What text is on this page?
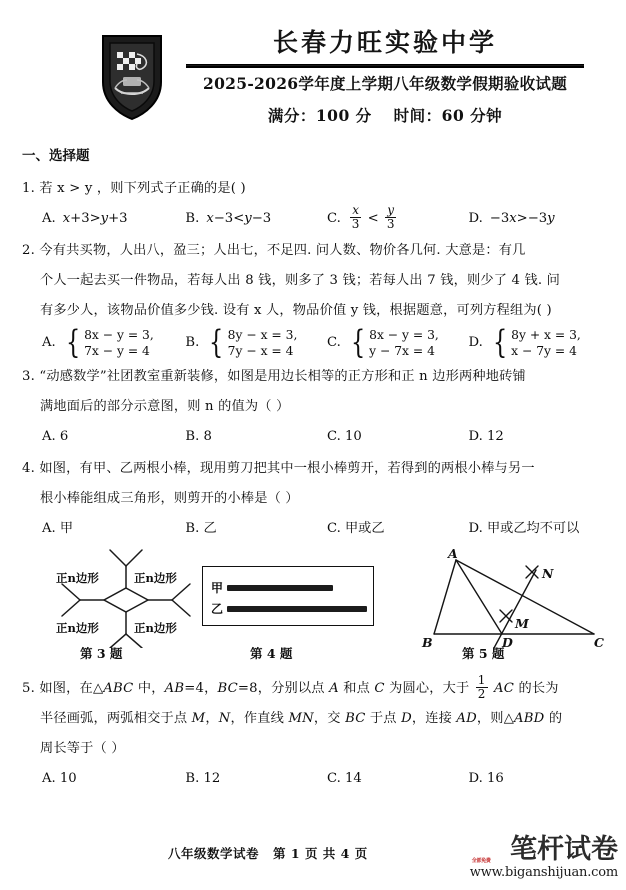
长春力旺实验中学
2025-2026学年度上学期八年级数学假期验收试题
满分：100 分 时间：60 分钟
一、选择题
1. 若 x > y ，则下列式子正确的是( )
A. x+3>y+3	B. x−3<y−3	C. $\frac{x}{3} < \frac{y}{3}$	D. −3x>−3y
2. 今有共买物，人出八，盈三；人出七，不足四. 问人数、物价各几何. 大意是：有几
个人一起去买一件物品，若每人出 8 钱，则多了 3 钱；若每人出 7 钱，则少了 4 钱. 问
有多少人，该物品价值多少钱. 设有 x 人，物品价值 y 钱，根据题意，可列方程组为( )
A. { 8x − y = 3,
7x − y = 4
B. { 8y − x = 3,
7y − x = 4
C. { 8x − y = 3,
y − 7x = 4
D. { 8y + x = 3,
x − 7y = 4
3. “动感数学”社团教室重新装修，如图是用边长相等的正方形和正 n 边形两种地砖铺
满地面后的部分示意图，则 n 的值为（ ）
A. 6	B. 8	C. 10	D. 12
4. 如图，有甲、乙两根小棒，现用剪刀把其中一根小棒剪开，若得到的两根小棒与另一
根小棒能组成三角形，则剪开的小棒是（ ）
A. 甲	B. 乙	C. 甲或乙	D. 甲或乙均不可以
正n边形	正n边形
正n边形	正n边形
甲
乙
A
B	C
D
M
N
第 3 题	第 4 题	第 5 题
5. 如图，在△ABC 中，AB=4，BC=8，分别以点 A 和点 C 为圆心，大于 $\frac{1}{2}$ AC 的长为
半径画弧，两弧相交于点 M，N，作直线 MN，交 BC 于点 D，连接 AD，则△ABD 的
周长等于（ ）
A. 10	B. 12	C. 14	D. 16
八年级数学试卷 第 1 页 共 4 页	笔杆试卷
全部免费
www.biganshijuan.com
